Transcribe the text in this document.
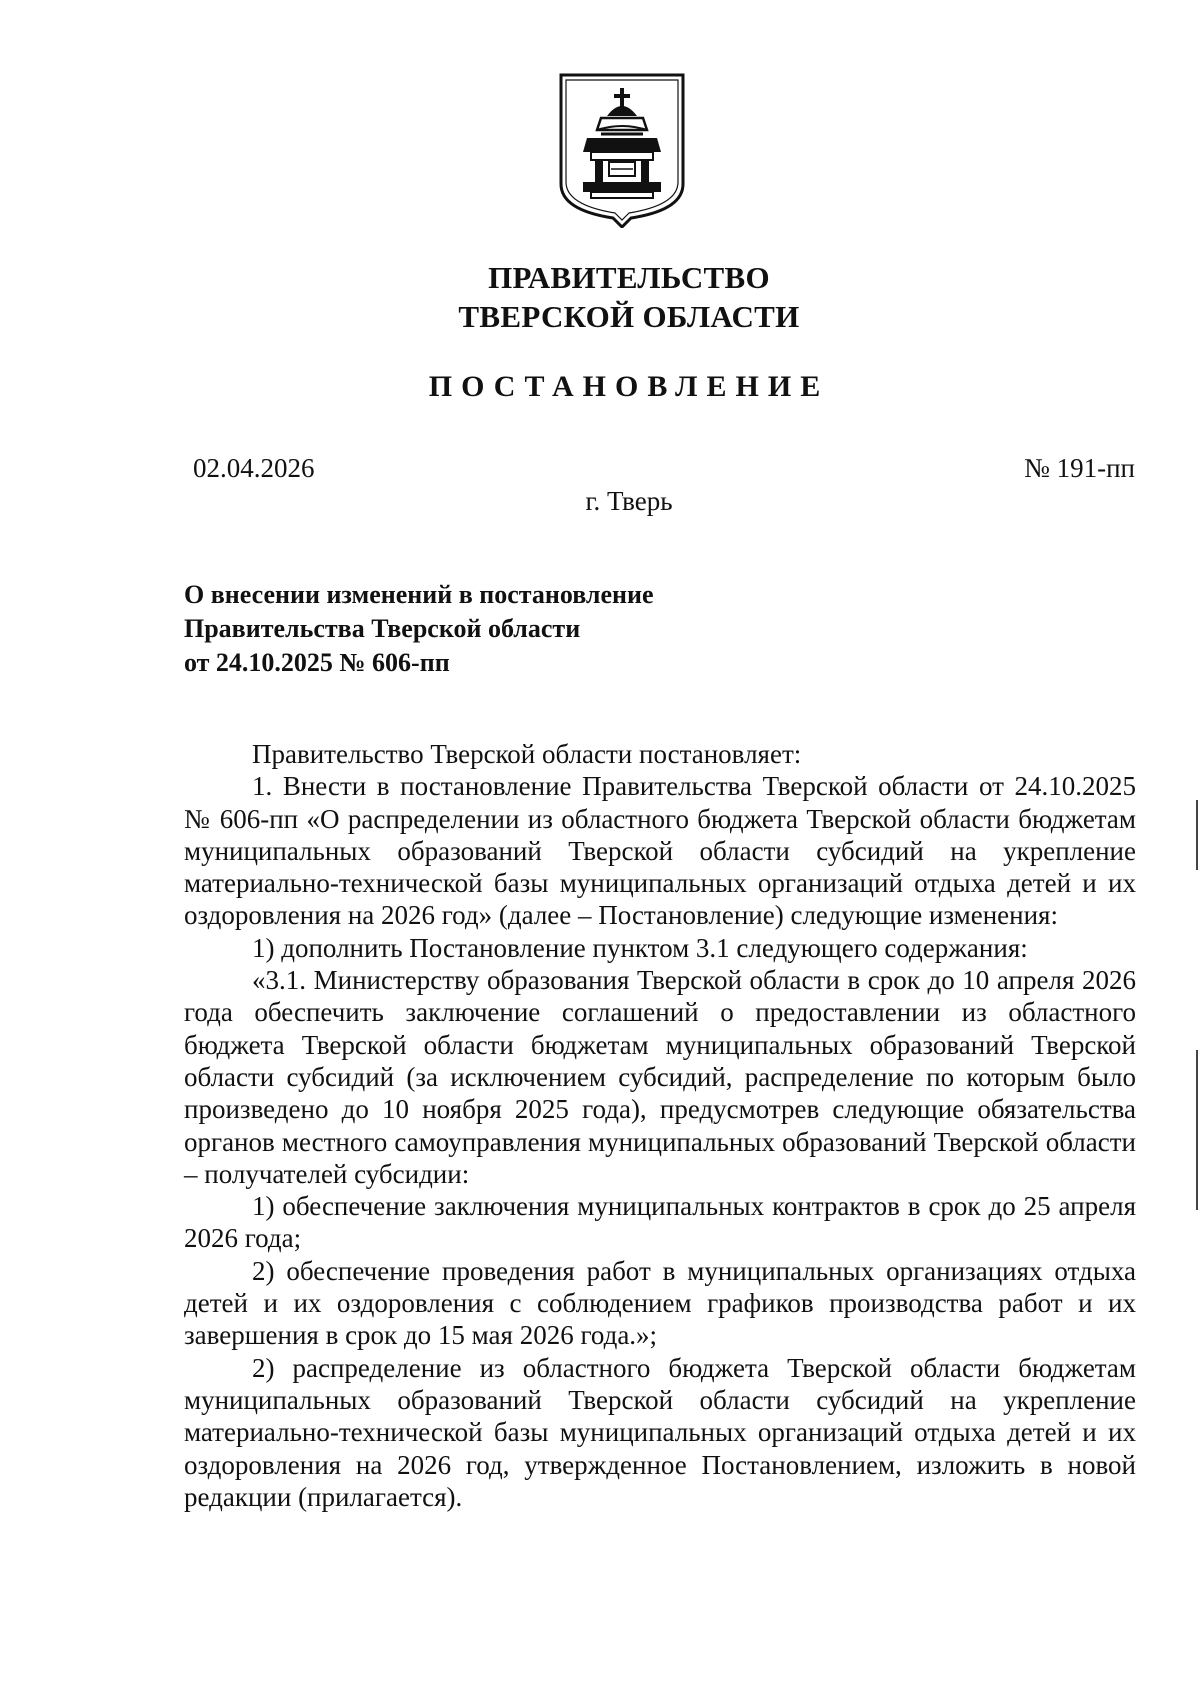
ПРАВИТЕЛЬСТВО
ТВЕРСКОЙ ОБЛАСТИ
ПОСТАНОВЛЕНИЕ
02.04.2026	№ 191-пп
г. Тверь
О внесении изменений в постановление
Правительства Тверской области
от 24.10.2025 № 606-пп

Правительство Тверской области постановляет:

1. Внести в постановление Правительства Тверской области от 24.10.2025 № 606-пп «О распределении из областного бюджета Тверской области бюджетам муниципальных образований Тверской области субсидий на укрепление материально-технической базы муниципальных организаций отдыха детей и их оздоровления на 2026 год» (далее – Постановление) следующие изменения:

1) дополнить Постановление пунктом 3.1 следующего содержания:

«3.1. Министерству образования Тверской области в срок до 10 апреля 2026 года обеспечить заключение соглашений о предоставлении из областного бюджета Тверской области бюджетам муниципальных образований Тверской области субсидий (за исключением субсидий, распределение по которым было произведено до 10 ноября 2025 года), предусмотрев следующие обязательства органов местного самоуправления муниципальных образований Тверской области – получателей субсидии:

1) обеспечение заключения муниципальных контрактов в срок до 25 апреля 2026 года;

2) обеспечение проведения работ в муниципальных организациях отдыха детей и их оздоровления с соблюдением графиков производства работ и их завершения в срок до 15 мая 2026 года.»;

2) распределение из областного бюджета Тверской области бюджетам муниципальных образований Тверской области субсидий на укрепление материально-технической базы муниципальных организаций отдыха детей и их оздоровления на 2026 год, утвержденное Постановлением, изложить в новой редакции (прилагается).
